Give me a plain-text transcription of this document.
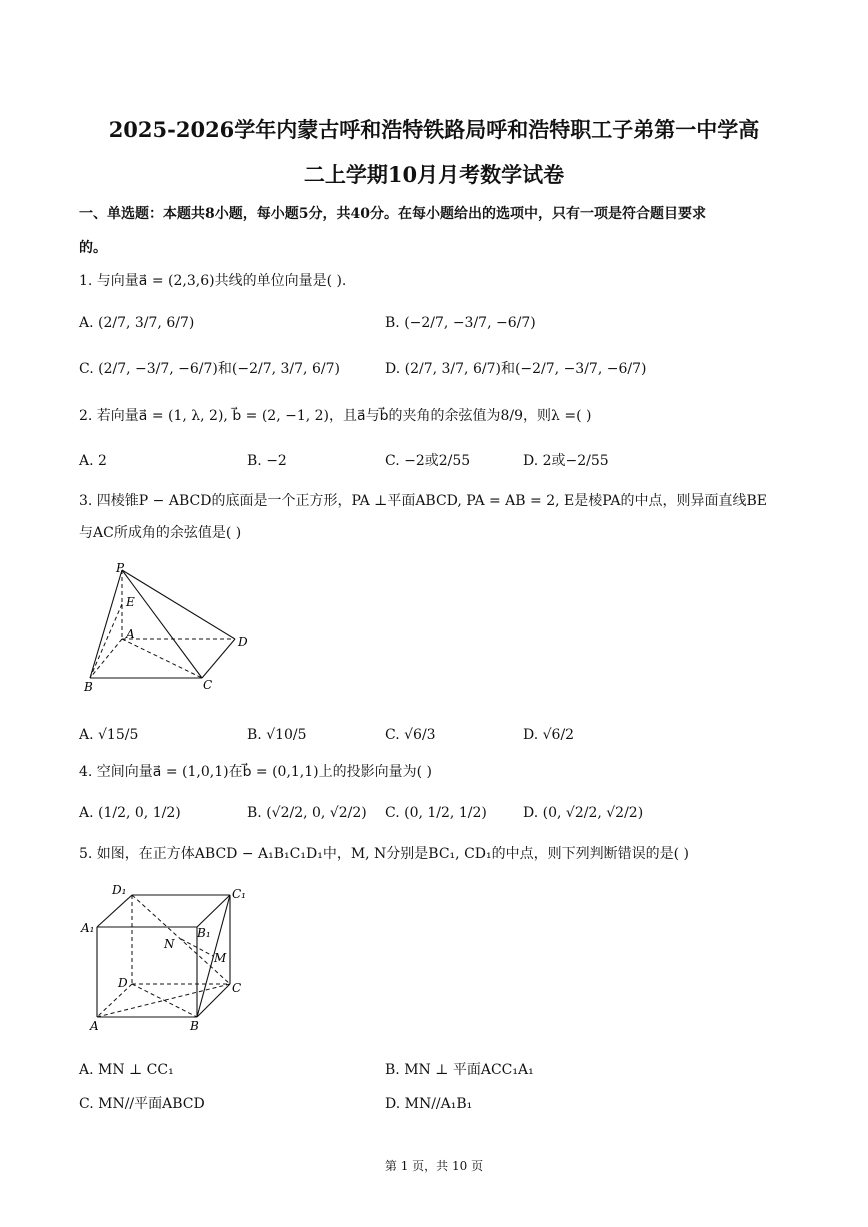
2025-2026学年内蒙古呼和浩特铁路局呼和浩特职工子弟第一中学高
二上学期10月月考数学试卷
一、单选题：本题共8小题，每小题5分，共40分。在每小题给出的选项中，只有一项是符合题目要求
的。
1. 与向量a⃗ = (2,3,6)共线的单位向量是( ).
A. (2/7, 3/7, 6/7)	B. (−2/7, −3/7, −6/7)
C. (2/7, −3/7, −6/7)和(−2/7, 3/7, 6/7)	D. (2/7, 3/7, 6/7)和(−2/7, −3/7, −6/7)
2. 若向量a⃗ = (1, λ, 2), b⃗ = (2, −1, 2)，且a⃗与b⃗的夹角的余弦值为8/9，则λ =( )
A. 2	B. −2	C. −2或2/55	D. 2或−2/55
3. 四棱锥P − ABCD的底面是一个正方形，PA ⊥平面ABCD, PA = AB = 2, E是棱PA的中点，则异面直线BE
与AC所成角的余弦值是( )
P
E
A
D
B	C
A. √15/5	B. √10/5	C. √6/3	D. √6/2
4. 空间向量a⃗ = (1,0,1)在b⃗ = (0,1,1)上的投影向量为( )
A. (1/2, 0, 1/2)	B. (√2/2, 0, √2/2) C. (0, 1/2, 1/2)	D. (0, √2/2, √2/2)
5. 如图，在正方体ABCD − A₁B₁C₁D₁中，M, N分别是BC₁, CD₁的中点，则下列判断错误的是( )
D₁	C₁
A₁	B₁
N
M
D	C
A	B
A. MN ⊥ CC₁	B. MN ⊥ 平面ACC₁A₁
C. MN//平面ABCD	D. MN//A₁B₁
第 1 页，共 10 页
